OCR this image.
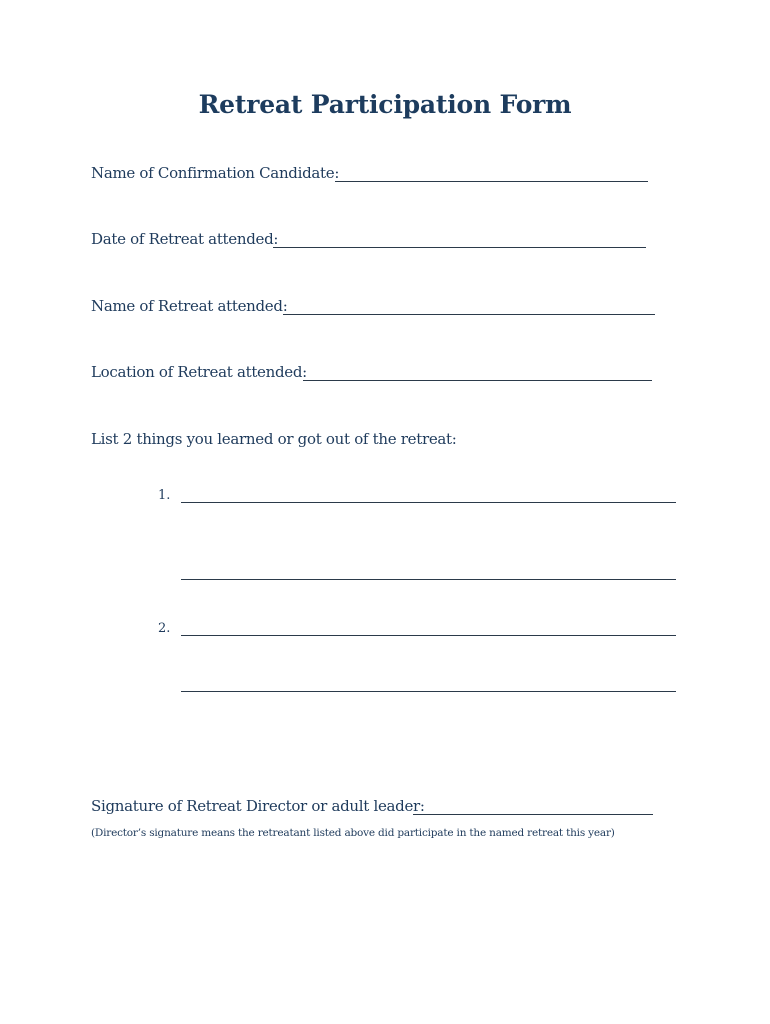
Retreat Participation Form
Name of Confirmation Candidate:
Date of Retreat attended:
Name of Retreat attended:
Location of Retreat attended:
List 2 things you learned or got out of the retreat:
1.
2.
Signature of Retreat Director or adult leader:
(Director’s signature means the retreatant listed above did participate in the named retreat this year)
